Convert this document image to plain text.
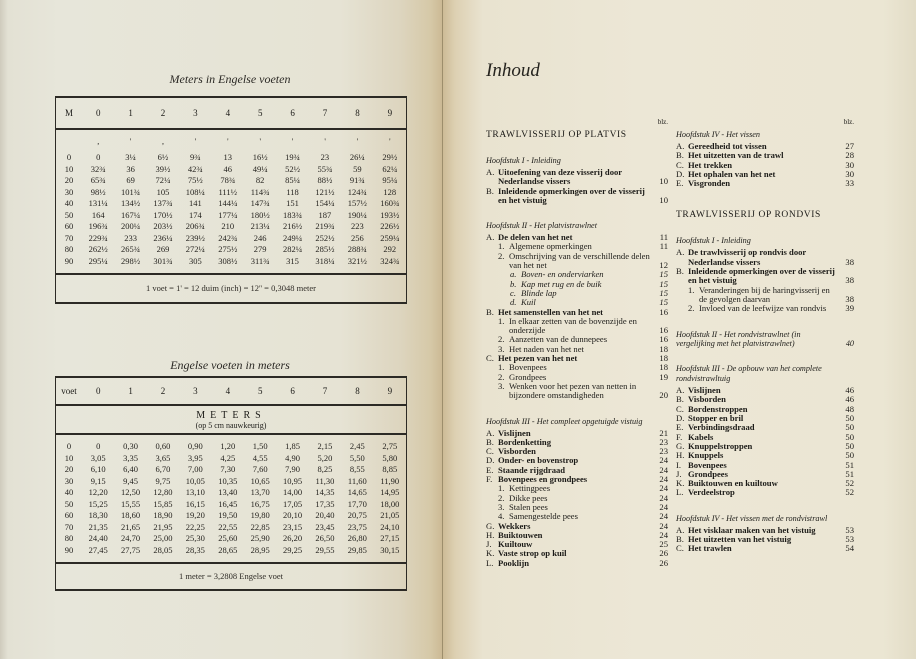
Meters in Engelse voeten
M	0	1	2	3	4	5	6	7	8	9
,	'	,	'	'	'	'	'	'	'
0	0	3¼	6½	9¾	13	16½	19¾	23	26¼	29½
10	32¾	36	39½	42¾	46	49¼	52½	55¾	59	62¼
20	65¾	69	72¼	75½	78¾	82	85¼	88½	91¾	95¼
30	98½	101¾	105	108¼	111½	114¾	118	121½	124¾	128
40	131¼	134½	137¾	141	144¼	147¾	151	154¼	157½	160¾
50	164	167¼	170½	174	177¼	180½	183¾	187	190¼	193½
60	196¾	200¼	203½	206¾	210	213¼	216½	219¾	223	226½
70	229¾	233	236¼	239½	242¾	246	249¼	252½	256	259¼
80	262½	265¾	269	272¼	275½	279	282¼	285½	288¾	292
90	295¼	298½	301¾	305	308½	311¾	315	318¼	321½	324¾
1 voet = 1' = 12 duim (inch) = 12'' = 0,3048 meter
Engelse voeten in meters
voet	0	1	2	3	4	5	6	7	8	9
METERS
(op 5 cm nauwkeurig)
0	0	0,30	0,60	0,90	1,20	1,50	1,85	2,15	2,45	2,75
10	3,05	3,35	3,65	3,95	4,25	4,55	4,90	5,20	5,50	5,80
20	6,10	6,40	6,70	7,00	7,30	7,60	7,90	8,25	8,55	8,85
30	9,15	9,45	9,75	10,05	10,35	10,65	10,95	11,30	11,60	11,90
40	12,20	12,50	12,80	13,10	13,40	13,70	14,00	14,35	14,65	14,95
50	15,25	15,55	15,85	16,15	16,45	16,75	17,05	17,35	17,70	18,00
60	18,30	18,60	18,90	19,20	19,50	19,80	20,10	20,40	20,75	21,05
70	21,35	21,65	21,95	22,25	22,55	22,85	23,15	23,45	23,75	24,10
80	24,40	24,70	25,00	25,30	25,60	25,90	26,20	26,50	26,80	27,15
90	27,45	27,75	28,05	28,35	28,65	28,95	29,25	29,55	29,85	30,15
1 meter = 3,2808 Engelse voet
Inhoud
blz.
TRAWLVISSERIJ OP PLATVIS
Hoofdstuk I - Inleiding
A. Uitoefening van deze visserij door Nederlandse vissers	10
B. Inleidende opmerkingen over de visserij en het vistuig	10
Hoofdstuk II - Het platvistrawlnet
A. De delen van het net	11
1. Algemene opmerkingen	11
2. Omschrijving van de verschillende delen van het net	12
a. Boven- en onderviarken	15
b. Kap met rug en de buik	15
c. Blinde lap	15
d. Kuil	15
B. Het samenstellen van het net	16
1. In elkaar zetten van de bovenzijde en onderzijde	16
2. Aanzetten van de dunnepees	16
3. Het naden van het net	18
C. Het pezen van het net	18
1. Bovenpees	18
2. Grondpees	19
3. Wenken voor het pezen van netten in bijzondere omstandigheden	20
Hoofdstuk III - Het compleet opgetuigde vistuig
A. Vislijnen	21
B. Bordenketting	23
C. Visborden	23
D. Onder- en bovenstrop	24
E. Staande rijgdraad	24
F. Bovenpees en grondpees	24
1. Kettingpees	24
2. Dikke pees	24
3. Stalen pees	24
4. Samengestelde pees	24
G. Wekkers	24
H. Buiktouwen	24
J. Kuiltouw	25
K. Vaste strop op kuil	26
L. Pooklijn	26
blz.
Hoofdstuk IV - Het vissen
A. Gereedheid tot vissen	27
B. Het uitzetten van de trawl	28
C. Het trekken	30
D. Het ophalen van het net	30
E. Visgronden	33
TRAWLVISSERIJ OP RONDVIS
Hoofdstuk I - Inleiding
A. De trawlvisserij op rondvis door Nederlandse vissers	38
B. Inleidende opmerkingen over de visserij en het vistuig	38
1. Veranderingen bij de haringvisserij en de gevolgen daarvan	38
2. Invloed van de leefwijze van rondvis	39
Hoofdstuk II - Het rondvistrawlnet (in vergelijking met het platvistrawlnet)	40
Hoofdstuk III - De opbouw van het complete rondvistrawltuig
A. Vislijnen	46
B. Visborden	46
C. Bordenstroppen	48
D. Stopper en bril	50
E. Verbindingsdraad	50
F. Kabels	50
G. Knuppelstroppen	50
H. Knuppels	50
I. Bovenpees	51
J. Grondpees	51
K. Buiktouwen en kuiltouw	52
L. Verdeelstrop	52
Hoofdstuk IV - Het vissen met de rondvistrawl
A. Het visklaar maken van het vistuig	53
B. Het uitzetten van het vistuig	53
C. Het trawlen	54
